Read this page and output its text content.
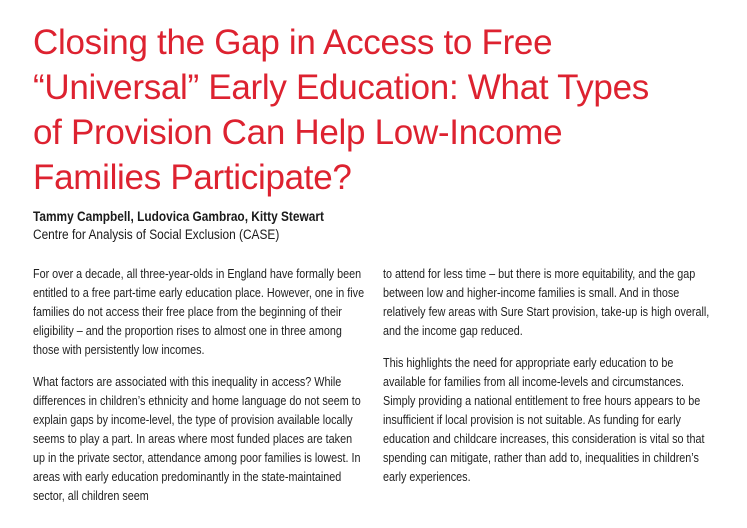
Closing the Gap in Access to Free
“Universal” Early Education: What Types
of Provision Can Help Low-Income
Families Participate?

Tammy Campbell, Ludovica Gambrao, Kitty Stewart

Centre for Analysis of Social Exclusion (CASE)

For over a decade, all three-year-olds in England have formally been entitled to a free part-time early education place. However, one in five families do not access their free place from the beginning of their eligibility – and the proportion rises to almost one in three among those with persistently low incomes.

What factors are associated with this inequality in access? While differences in children’s ethnicity and home language do not seem to explain gaps by income-level, the type of provision available locally seems to play a part. In areas where most funded places are taken up in the private sector, attendance among poor families is lowest. In areas with early education predominantly in the state-maintained sector, all children seem

to attend for less time – but there is more equitability, and the gap between low and higher-income families is small. And in those relatively few areas with Sure Start provision, take-up is high overall, and the income gap reduced.

This highlights the need for appropriate early education to be available for families from all income-levels and circumstances. Simply providing a national entitlement to free hours appears to be insufficient if local provision is not suitable. As funding for early education and childcare increases, this consideration is vital so that spending can mitigate, rather than add to, inequalities in children’s early experiences.
